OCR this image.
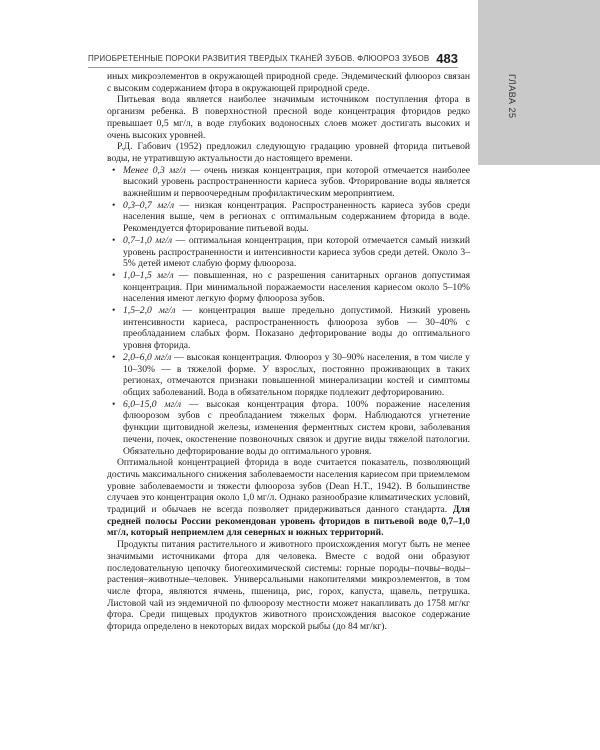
ГЛАВА 25
ПРИОБРЕТЕННЫЕ ПОРОКИ РАЗВИТИЯ ТВЕРДЫХ ТКАНЕЙ ЗУБОВ. ФЛЮОРОЗ ЗУБОВ 483

иных микроэлементов в окружающей природной среде. Эндемический флюороз связан с высоким содержанием фтора в окружающей природной среде.

Питьевая вода является наиболее значимым источником поступления фтора в организм ребенка. В поверхностной пресной воде концентрация фторидов редко превышает 0,5 мг/л, в воде глубоких водоносных слоев может достигать высоких и очень высоких уровней.

Р.Д. Габович (1952) предложил следующую градацию уровней фторида питьевой воды, не утратившую актуальности до настоящего времени.

• Менее 0,3 мг/л — очень низкая концентрация, при которой отмечается наиболее высокий уровень распространенности кариеса зубов. Фторирование воды является важнейшим и первоочередным профилактическим мероприятием.
• 0,3–0,7 мг/л — низкая концентрация. Распространенность кариеса зубов среди населения выше, чем в регионах с оптимальным содержанием фторида в воде. Рекомендуется фторирование питьевой воды.
• 0,7–1,0 мг/л — оптимальная концентрация, при которой отмечается самый низкий уровень распространенности и интенсивности кариеса зубов среди детей. Около 3–5% детей имеют слабую форму флюороза.
• 1,0–1,5 мг/л — повышенная, но с разрешения санитарных органов допустимая концентрация. При минимальной поражаемости населения кариесом около 5–10% населения имеют легкую форму флюороза зубов.
• 1,5–2,0 мг/л — концентрация выше предельно допустимой. Низкий уровень интенсивности кариеса, распространенность флюороза зубов — 30–40% с преобладанием слабых форм. Показано дефторирование воды до оптимального уровня фторида.
• 2,0–6,0 мг/л — высокая концентрация. Флюороз у 30–90% населения, в том числе у 10–30% — в тяжелой форме. У взрослых, постоянно проживающих в таких регионах, отмечаются признаки повышенной минерализации костей и симптомы общих заболеваний. Вода в обязательном порядке подлежит дефторированию.
• 6,0–15,0 мг/л — высокая концентрация фтора. 100% поражение населения флюорозом зубов с преобладанием тяжелых форм. Наблюдаются угнетение функции щитовидной железы, изменения ферментных систем крови, заболевания печени, почек, окостенение позвоночных связок и другие виды тяжелой патологии. Обязательно дефторирование воды до оптимального уровня.

Оптимальной концентрацией фторида в воде считается показатель, позволяющий достичь максимального снижения заболеваемости населения кариесом при приемлемом уровне заболеваемости и тяжести флюороза зубов (Dean H.T., 1942). В большинстве случаев это концентрация около 1,0 мг/л. Однако разнообразие климатических условий, традиций и обычаев не всегда позволяет придерживаться данного стандарта. Для средней полосы России рекомендован уровень фторидов в питьевой воде 0,7–1,0 мг/л, который неприемлем для северных и южных территорий.

Продукты питания растительного и животного происхождения могут быть не менее значимыми источниками фтора для человека. Вместе с водой они образуют последовательную цепочку биогеохимической системы: горные породы–почвы–воды–растения–животные–человек. Универсальными накопителями микроэлементов, в том числе фтора, являются ячмень, пшеница, рис, горох, капуста, щавель, петрушка. Листовой чай из эндемичной по флюорозу местности может накапливать до 1758 мг/кг фтора. Среди пищевых продуктов животного происхождения высокое содержание фторида определено в некоторых видах морской рыбы (до 84 мг/кг).
